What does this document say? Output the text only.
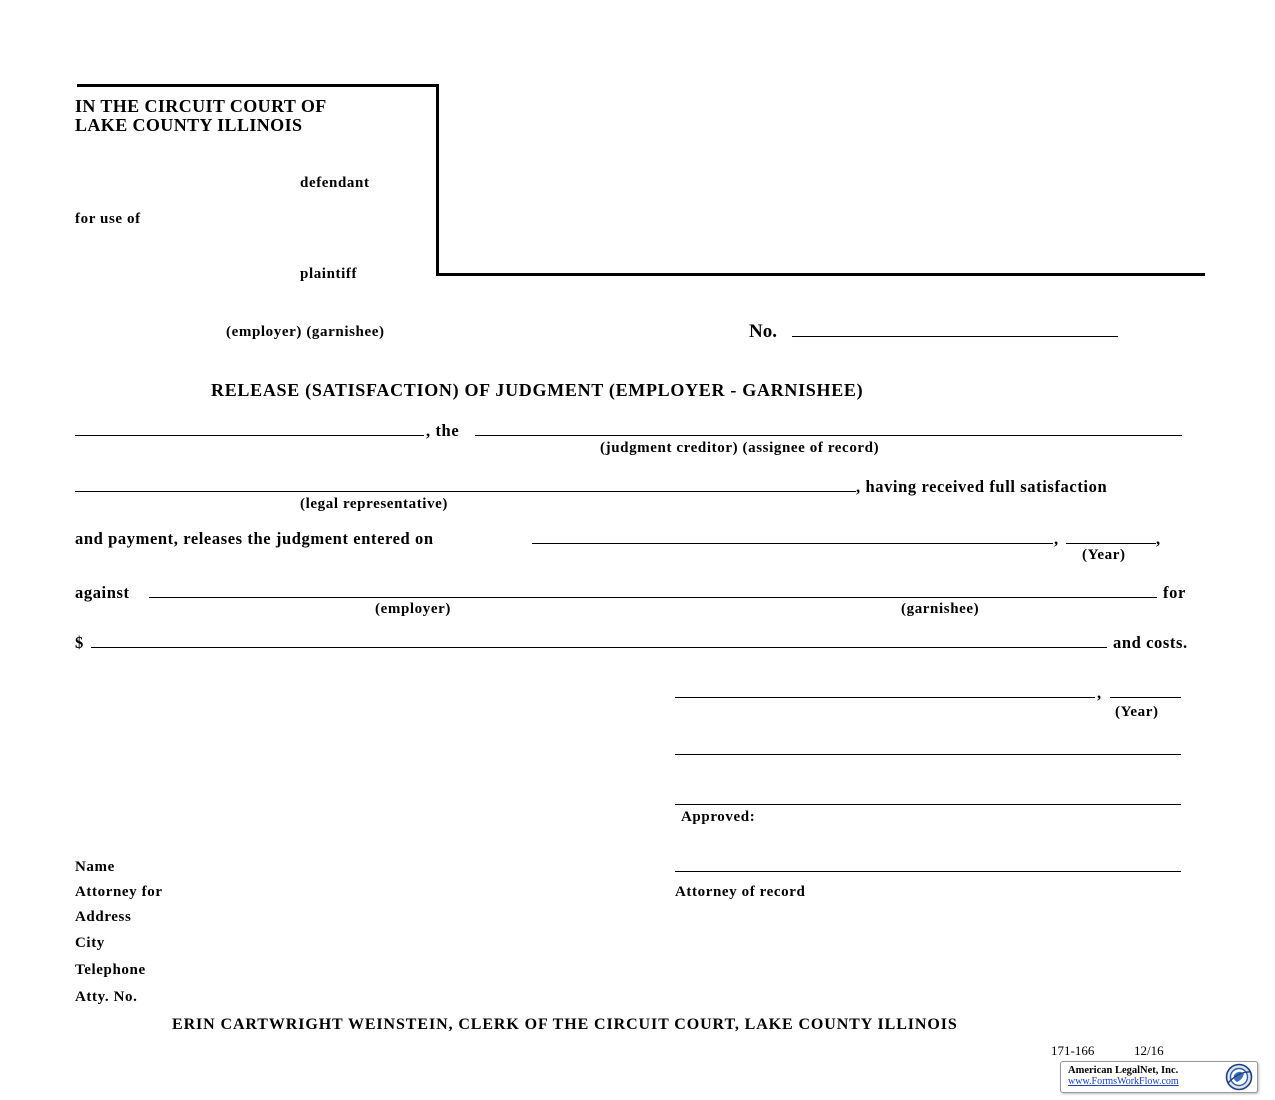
IN THE CIRCUIT COURT OF
LAKE COUNTY ILLINOIS
defendant
for use of
plaintiff
(employer) (garnishee)	No.
RELEASE (SATISFACTION) OF JUDGMENT (EMPLOYER - GARNISHEE)
, the
(judgment creditor) (assignee of record)
, having received full satisfaction
(legal representative)
and payment, releases the judgment entered on	,	,
(Year)
against	for
(employer)	(garnishee)
$	and costs.
,
(Year)
Approved:
Attorney of record
Name
Attorney for
Address
City
Telephone
Atty. No.
ERIN CARTWRIGHT WEINSTEIN, CLERK OF THE CIRCUIT COURT, LAKE COUNTY ILLINOIS
171-166	12/16
American LegalNet, Inc.
www.FormsWorkFlow.com
